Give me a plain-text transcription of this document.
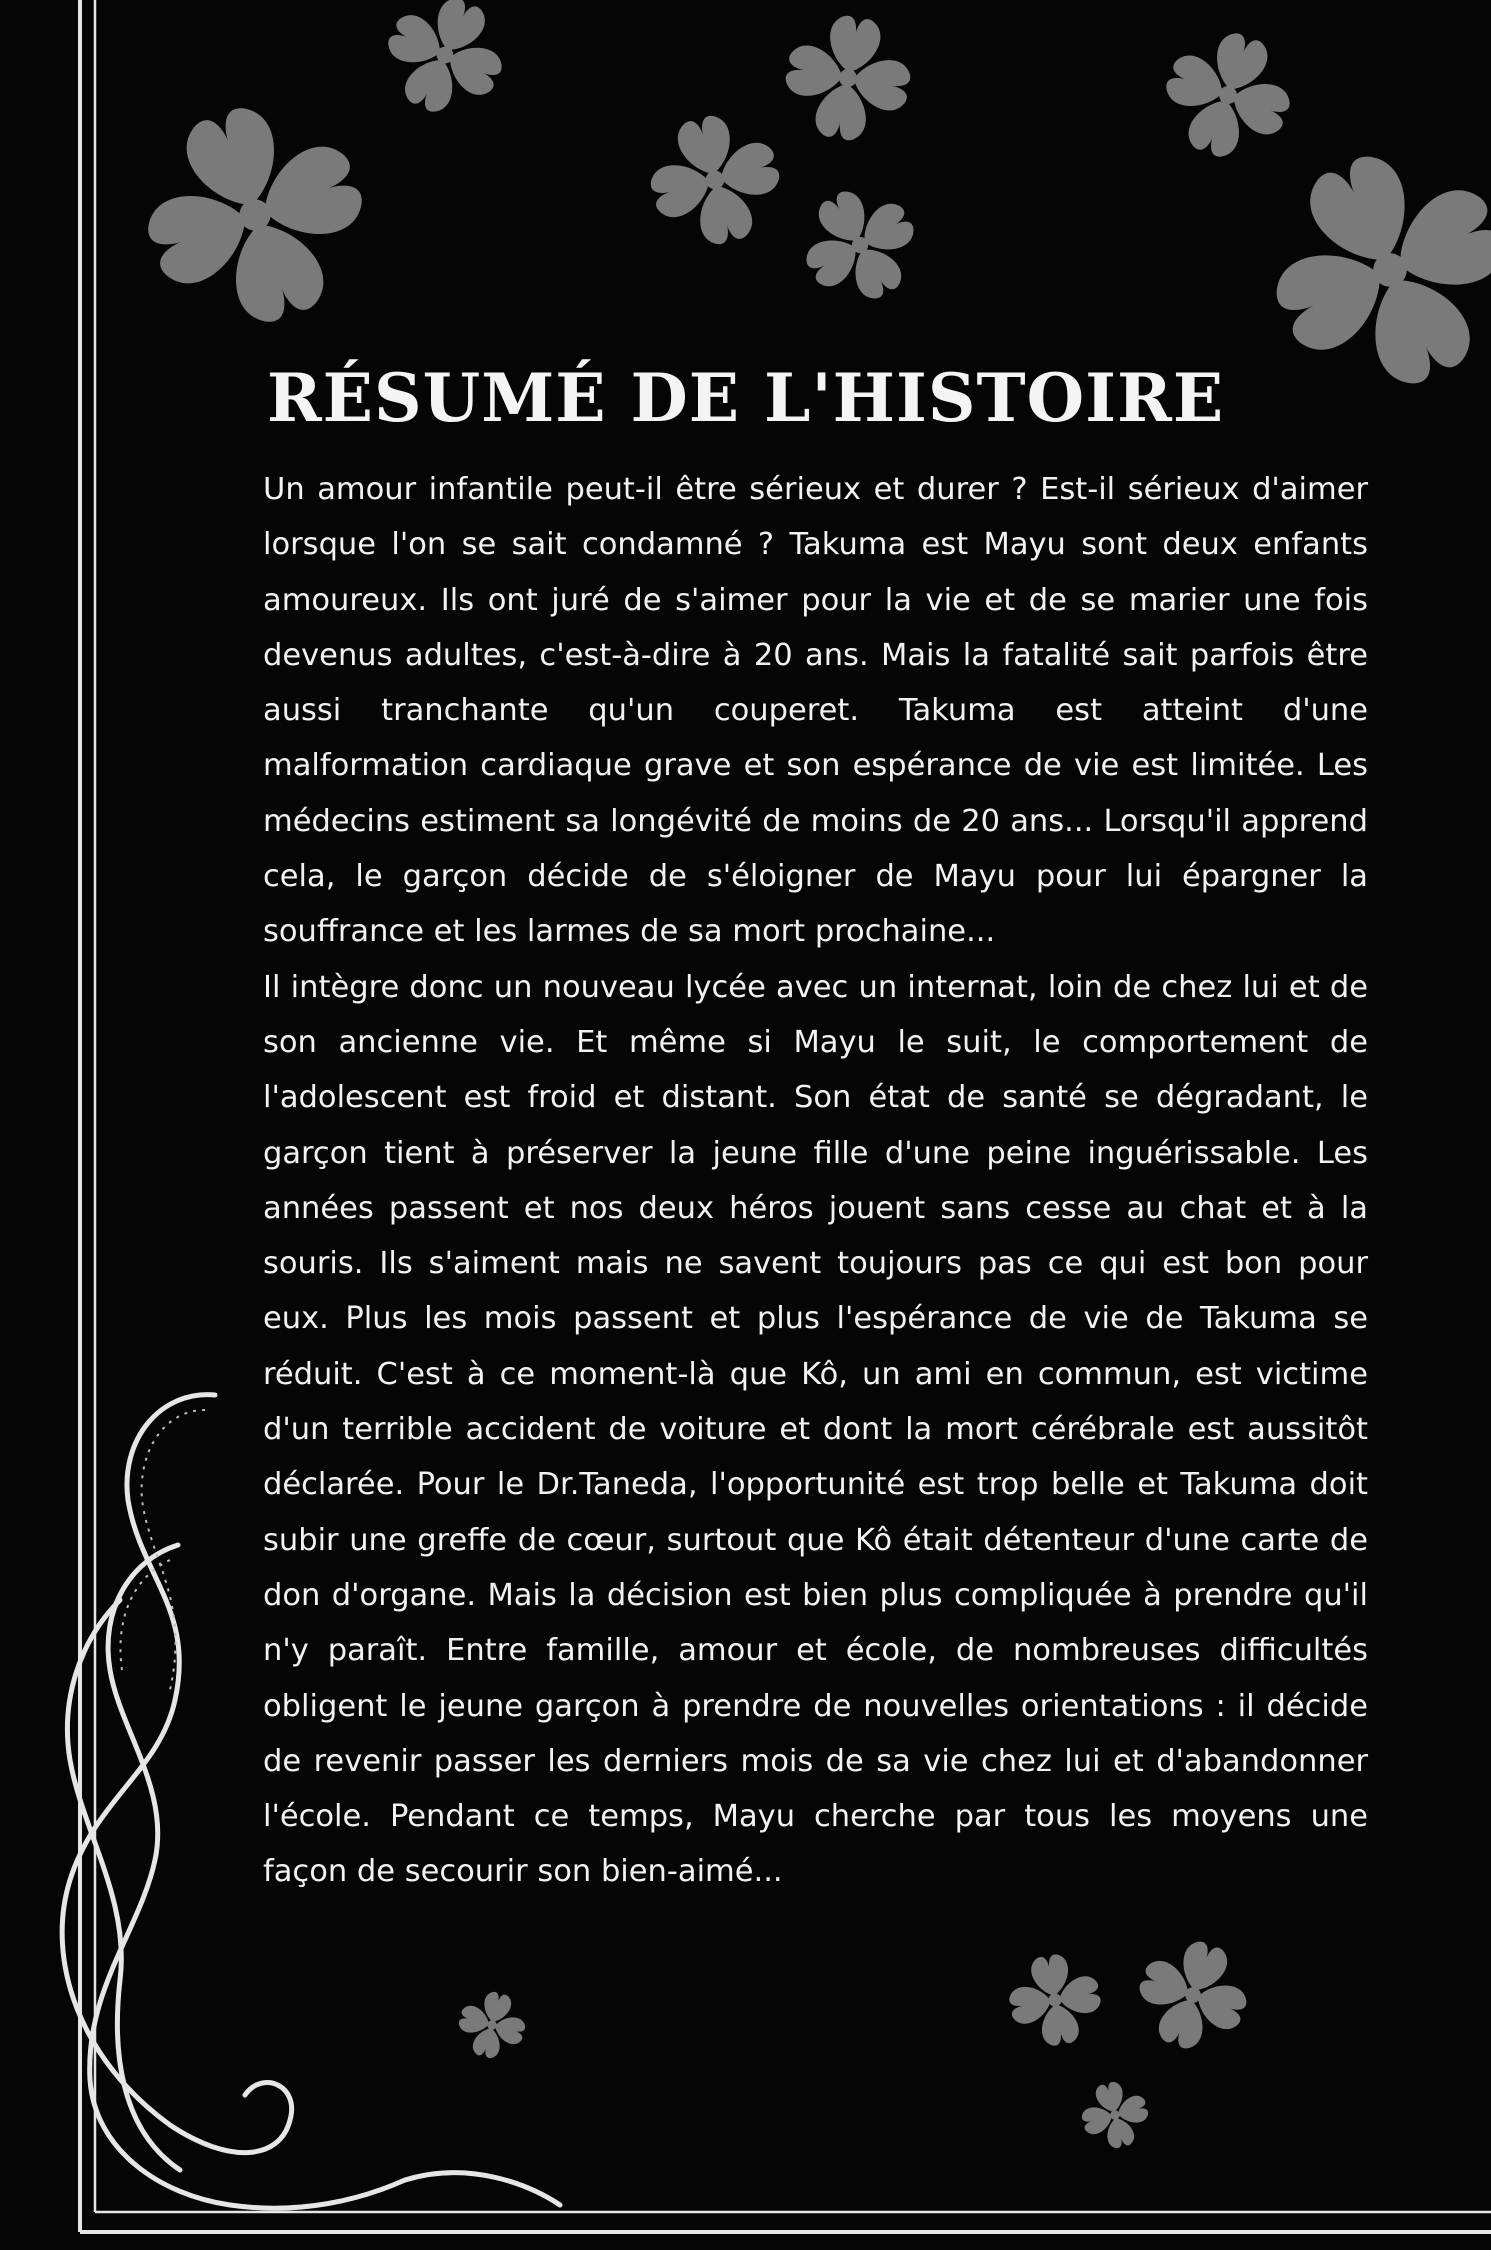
RÉSUMÉ DE L'HISTOIRE

Un amour infantile peut-il être sérieux et durer ? Est-il sérieux d'aimer lorsque l'on se sait condamné ? Takuma est Mayu sont deux enfants amoureux. Ils ont juré de s'aimer pour la vie et de se marier une fois devenus adultes, c'est-à-dire à 20 ans. Mais la fatalité sait parfois être aussi tranchante qu'un couperet. Takuma est atteint d'une malformation cardiaque grave et son espérance de vie est limitée. Les médecins estiment sa longévité de moins de 20 ans... Lorsqu'il apprend cela, le garçon décide de s'éloigner de Mayu pour lui épargner la souffrance et les larmes de sa mort prochaine...

Il intègre donc un nouveau lycée avec un internat, loin de chez lui et de son ancienne vie. Et même si Mayu le suit, le comportement de l'adolescent est froid et distant. Son état de santé se dégradant, le garçon tient à préserver la jeune fille d'une peine inguérissable. Les années passent et nos deux héros jouent sans cesse au chat et à la souris. Ils s'aiment mais ne savent toujours pas ce qui est bon pour eux. Plus les mois passent et plus l'espérance de vie de Takuma se réduit. C'est à ce moment-là que Kô, un ami en commun, est victime d'un terrible accident de voiture et dont la mort cérébrale est aussitôt déclarée. Pour le Dr.Taneda, l'opportunité est trop belle et Takuma doit subir une greffe de cœur, surtout que Kô était détenteur d'une carte de don d'organe. Mais la décision est bien plus compliquée à prendre qu'il n'y paraît. Entre famille, amour et école, de nombreuses difficultés obligent le jeune garçon à prendre de nouvelles orientations : il décide de revenir passer les derniers mois de sa vie chez lui et d'abandonner l'école. Pendant ce temps, Mayu cherche par tous les moyens une façon de secourir son bien-aimé...
